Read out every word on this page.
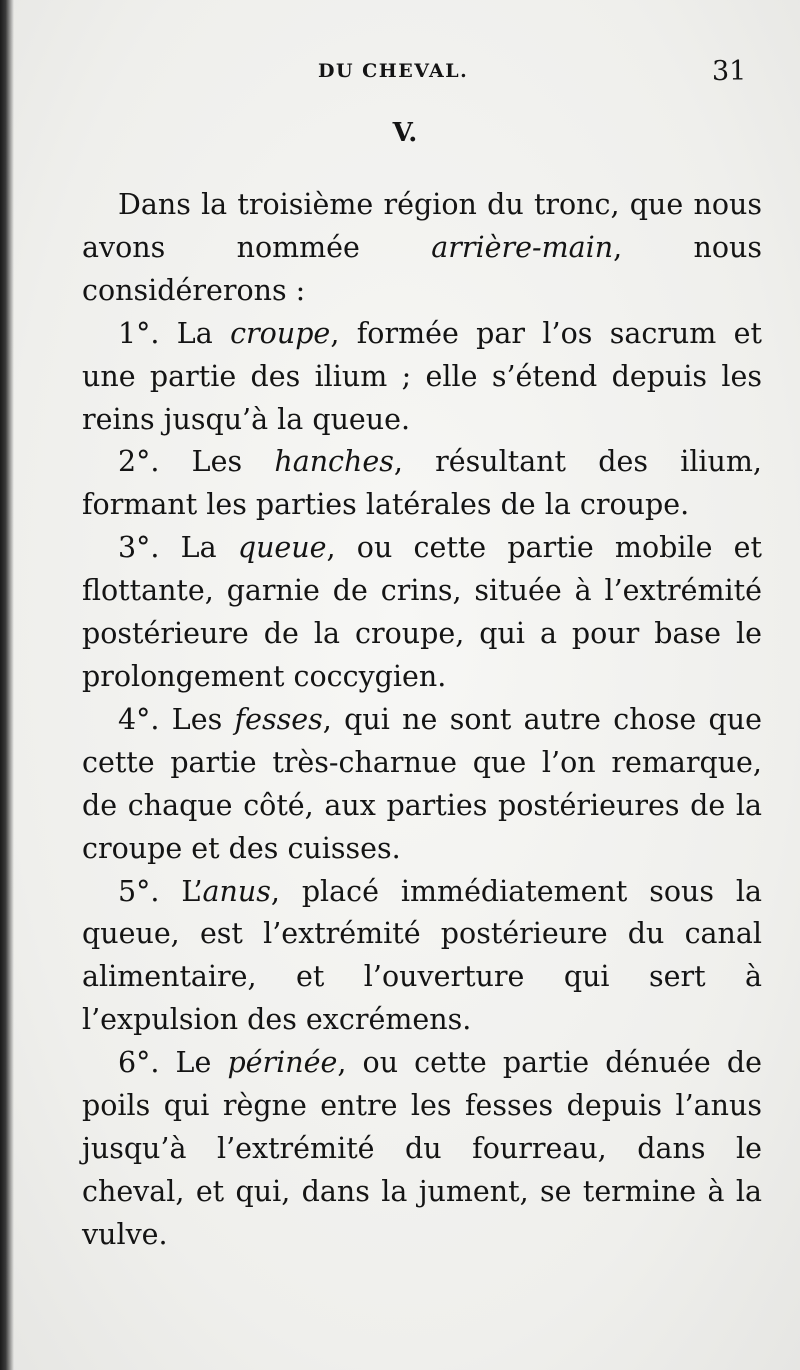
DU CHEVAL.	31
V.

Dans la troisième région du tronc, que nous avons nommée arrière-main, nous considérerons :

1°. La croupe, formée par l’os sacrum et une partie des ilium ; elle s’étend depuis les reins jusqu’à la queue.

2°. Les hanches, résultant des ilium, formant les parties latérales de la croupe.

3°. La queue, ou cette partie mobile et flottante, garnie de crins, située à l’extrémité postérieure de la croupe, qui a pour base le prolongement coccygien.

4°. Les fesses, qui ne sont autre chose que cette partie très-charnue que l’on remarque, de chaque côté, aux parties postérieures de la croupe et des cuisses.

5°. L’anus, placé immédiatement sous la queue, est l’extrémité postérieure du canal alimentaire, et l’ouverture qui sert à l’expulsion des excrémens.

6°. Le périnée, ou cette partie dénuée de poils qui règne entre les fesses depuis l’anus jusqu’à l’extrémité du fourreau, dans le cheval, et qui, dans la jument, se termine à la vulve.
